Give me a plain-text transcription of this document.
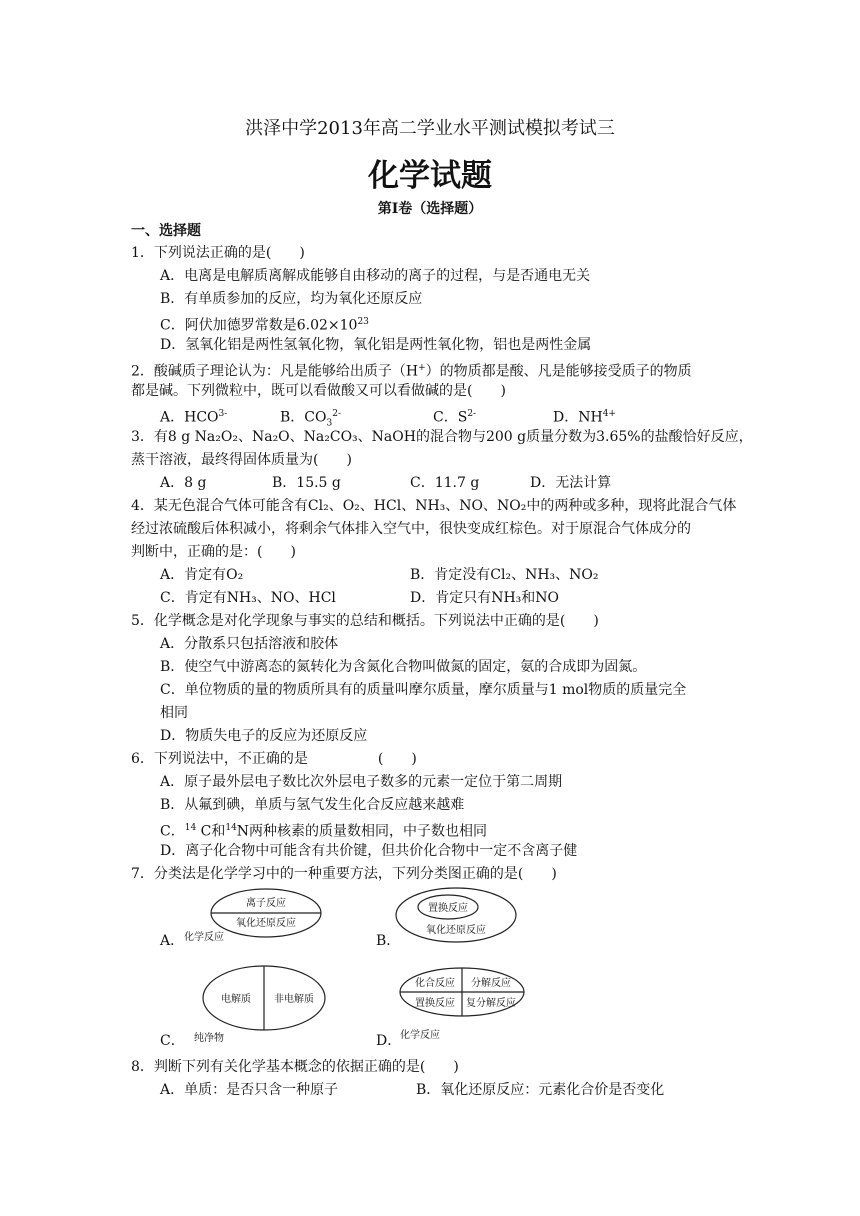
洪泽中学2013年高二学业水平测试模拟考试三
化学试题
第Ⅰ卷（选择题）
一、选择题
1．下列说法正确的是(　　)
A．电离是电解质离解成能够自由移动的离子的过程，与是否通电无关
B．有单质参加的反应，均为氧化还原反应
C．阿伏加德罗常数是$6.02\times 10^{23}$
D．氢氧化铝是两性氢氧化物，氧化铝是两性氧化物，铝也是两性金属
2．酸碱质子理论认为：凡是能够给出质子（H+）的物质都是酸、凡是能够接受质子的物质
都是碱。下列微粒中，既可以看做酸又可以看做碱的是(　　)
A．$HCO^{3-}$	B．$CO_3^{2-}$	C．$S^{2-}$	D．$NH^{4+}$
3．有8 g Na₂O₂、Na₂O、Na₂CO₃、NaOH的混合物与200 g质量分数为3.65%的盐酸恰好反应，
蒸干溶液，最终得固体质量为(　　)
A．8 g	B．15.5 g	C．11.7 g	D．无法计算
4．某无色混合气体可能含有Cl₂、O₂、HCl、NH₃、NO、NO₂中的两种或多种，现将此混合气体
经过浓硫酸后体积减小，将剩余气体排入空气中，很快变成红棕色。对于原混合气体成分的
判断中，正确的是：(　　)
A．肯定有O₂	B．肯定没有Cl₂、NH₃、NO₂
C．肯定有NH₃、NO、HCl	D．肯定只有NH₃和NO
5．化学概念是对化学现象与事实的总结和概括。下列说法中正确的是(　　)
A．分散系只包括溶液和胶体
B．使空气中游离态的氮转化为含氮化合物叫做氮的固定，氨的合成即为固氮。
C．单位物质的量的物质所具有的质量叫摩尔质量，摩尔质量与1 mol物质的质量完全
相同
D．物质失电子的反应为还原反应
6．下列说法中，不正确的是　　　　　(　　)
A．原子最外层电子数比次外层电子数多的元素一定位于第二周期
B．从氟到碘，单质与氢气发生化合反应越来越难
C．$^{14}$ C和$^{14}$N两种核素的质量数相同，中子数也相同
D．离子化合物中可能含有共价键，但共价化合物中一定不含离子健
7．分类法是化学学习中的一种重要方法，下列分类图正确的是(　　)
A．
离子反应
氧化还原反应
化学反应	B．
置换反应
氧化还原反应
C．
电解质 非电解质
纯净物	D．
化合反应 分解反应
置换反应 复分解反应
化学反应
8．判断下列有关化学基本概念的依据正确的是(　　)
A．单质：是否只含一种原子	B．氧化还原反应：元素化合价是否变化
